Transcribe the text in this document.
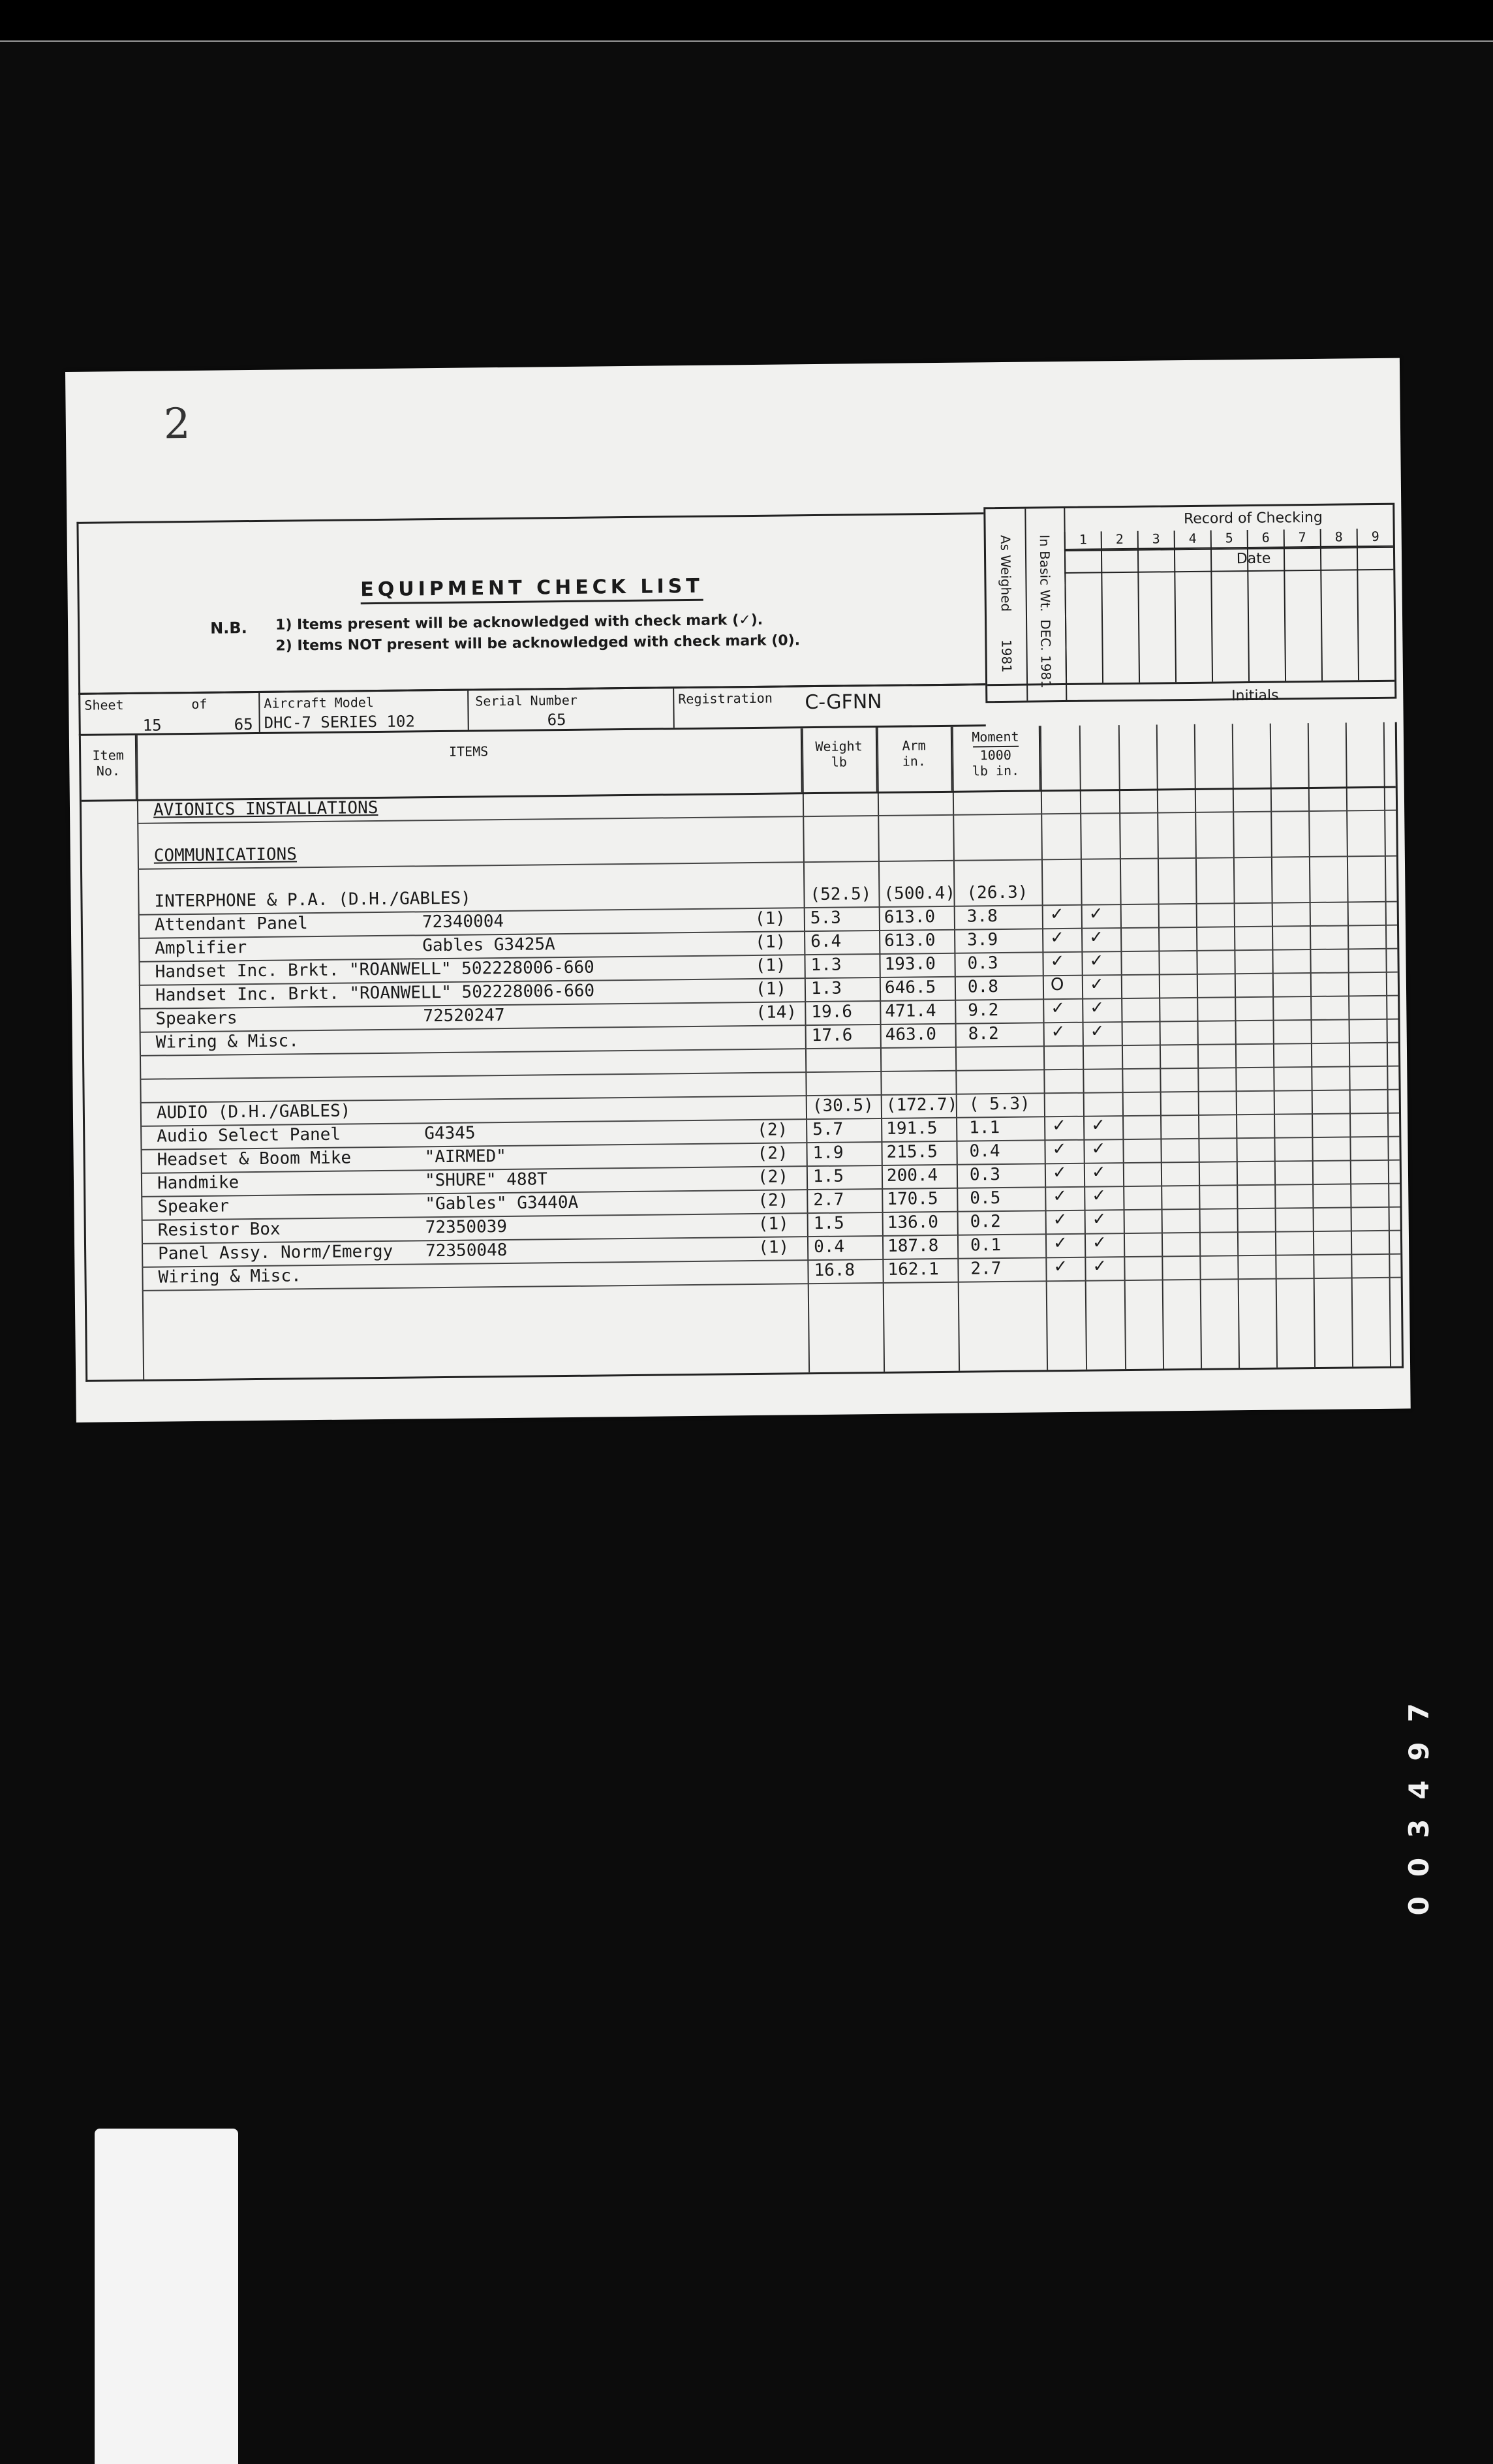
2
EQUIPMENT CHECK LIST
N.B. 1) Items present will be acknowledged with check mark (✓).
2) Items NOT present will be acknowledged with check mark (0).
As Weighed
1981
In Basic Wt.
DEC. 1981
Record of Checking
1	2	3	4	5	6	7	8	9
Date
Initials
Sheet	of
15	65
Aircraft Model
DHC-7 SERIES 102
Serial Number
65
Registration C-GFNN
Item No.
ITEMS	Weight lb
Arm in.
Moment
1000
lb in.
AVIONICS INSTALLATIONS
COMMUNICATIONS
INTERPHONE & P.A. (D.H./GABLES)	(52.5) (500.4) (26.3)
Attendant Panel	72340004	(1) 5.3	613.0 3.8	✓ ✓
Amplifier	Gables G3425A	(1) 6.4	613.0 3.9	✓ ✓
Handset Inc. Brkt. "ROANWELL" 502228006-660	(1) 1.3	193.0 0.3	✓ ✓
Handset Inc. Brkt. "ROANWELL" 502228006-660	(1) 1.3	646.5 0.8	O ✓
Speakers	72520247	(14) 19.6 471.4 9.2	✓ ✓
Wiring & Misc.	17.6 463.0 8.2	✓ ✓
AUDIO (D.H./GABLES)	(30.5) (172.7) ( 5.3)
Audio Select Panel	G4345	(2) 5.7	191.5 1.1	✓ ✓
Headset & Boom Mike	"AIRMED"	(2) 1.9	215.5 0.4	✓ ✓
Handmike	"SHURE" 488T	(2) 1.5	200.4 0.3	✓ ✓
Speaker	"Gables" G3440A	(2) 2.7	170.5 0.5	✓ ✓
Resistor Box	72350039	(1) 1.5	136.0 0.2	✓ ✓
Panel Assy. Norm/Emergy 72350048	(1) 0.4	187.8 0.1	✓ ✓
Wiring & Misc.	16.8 162.1 2.7	✓ ✓
003497
